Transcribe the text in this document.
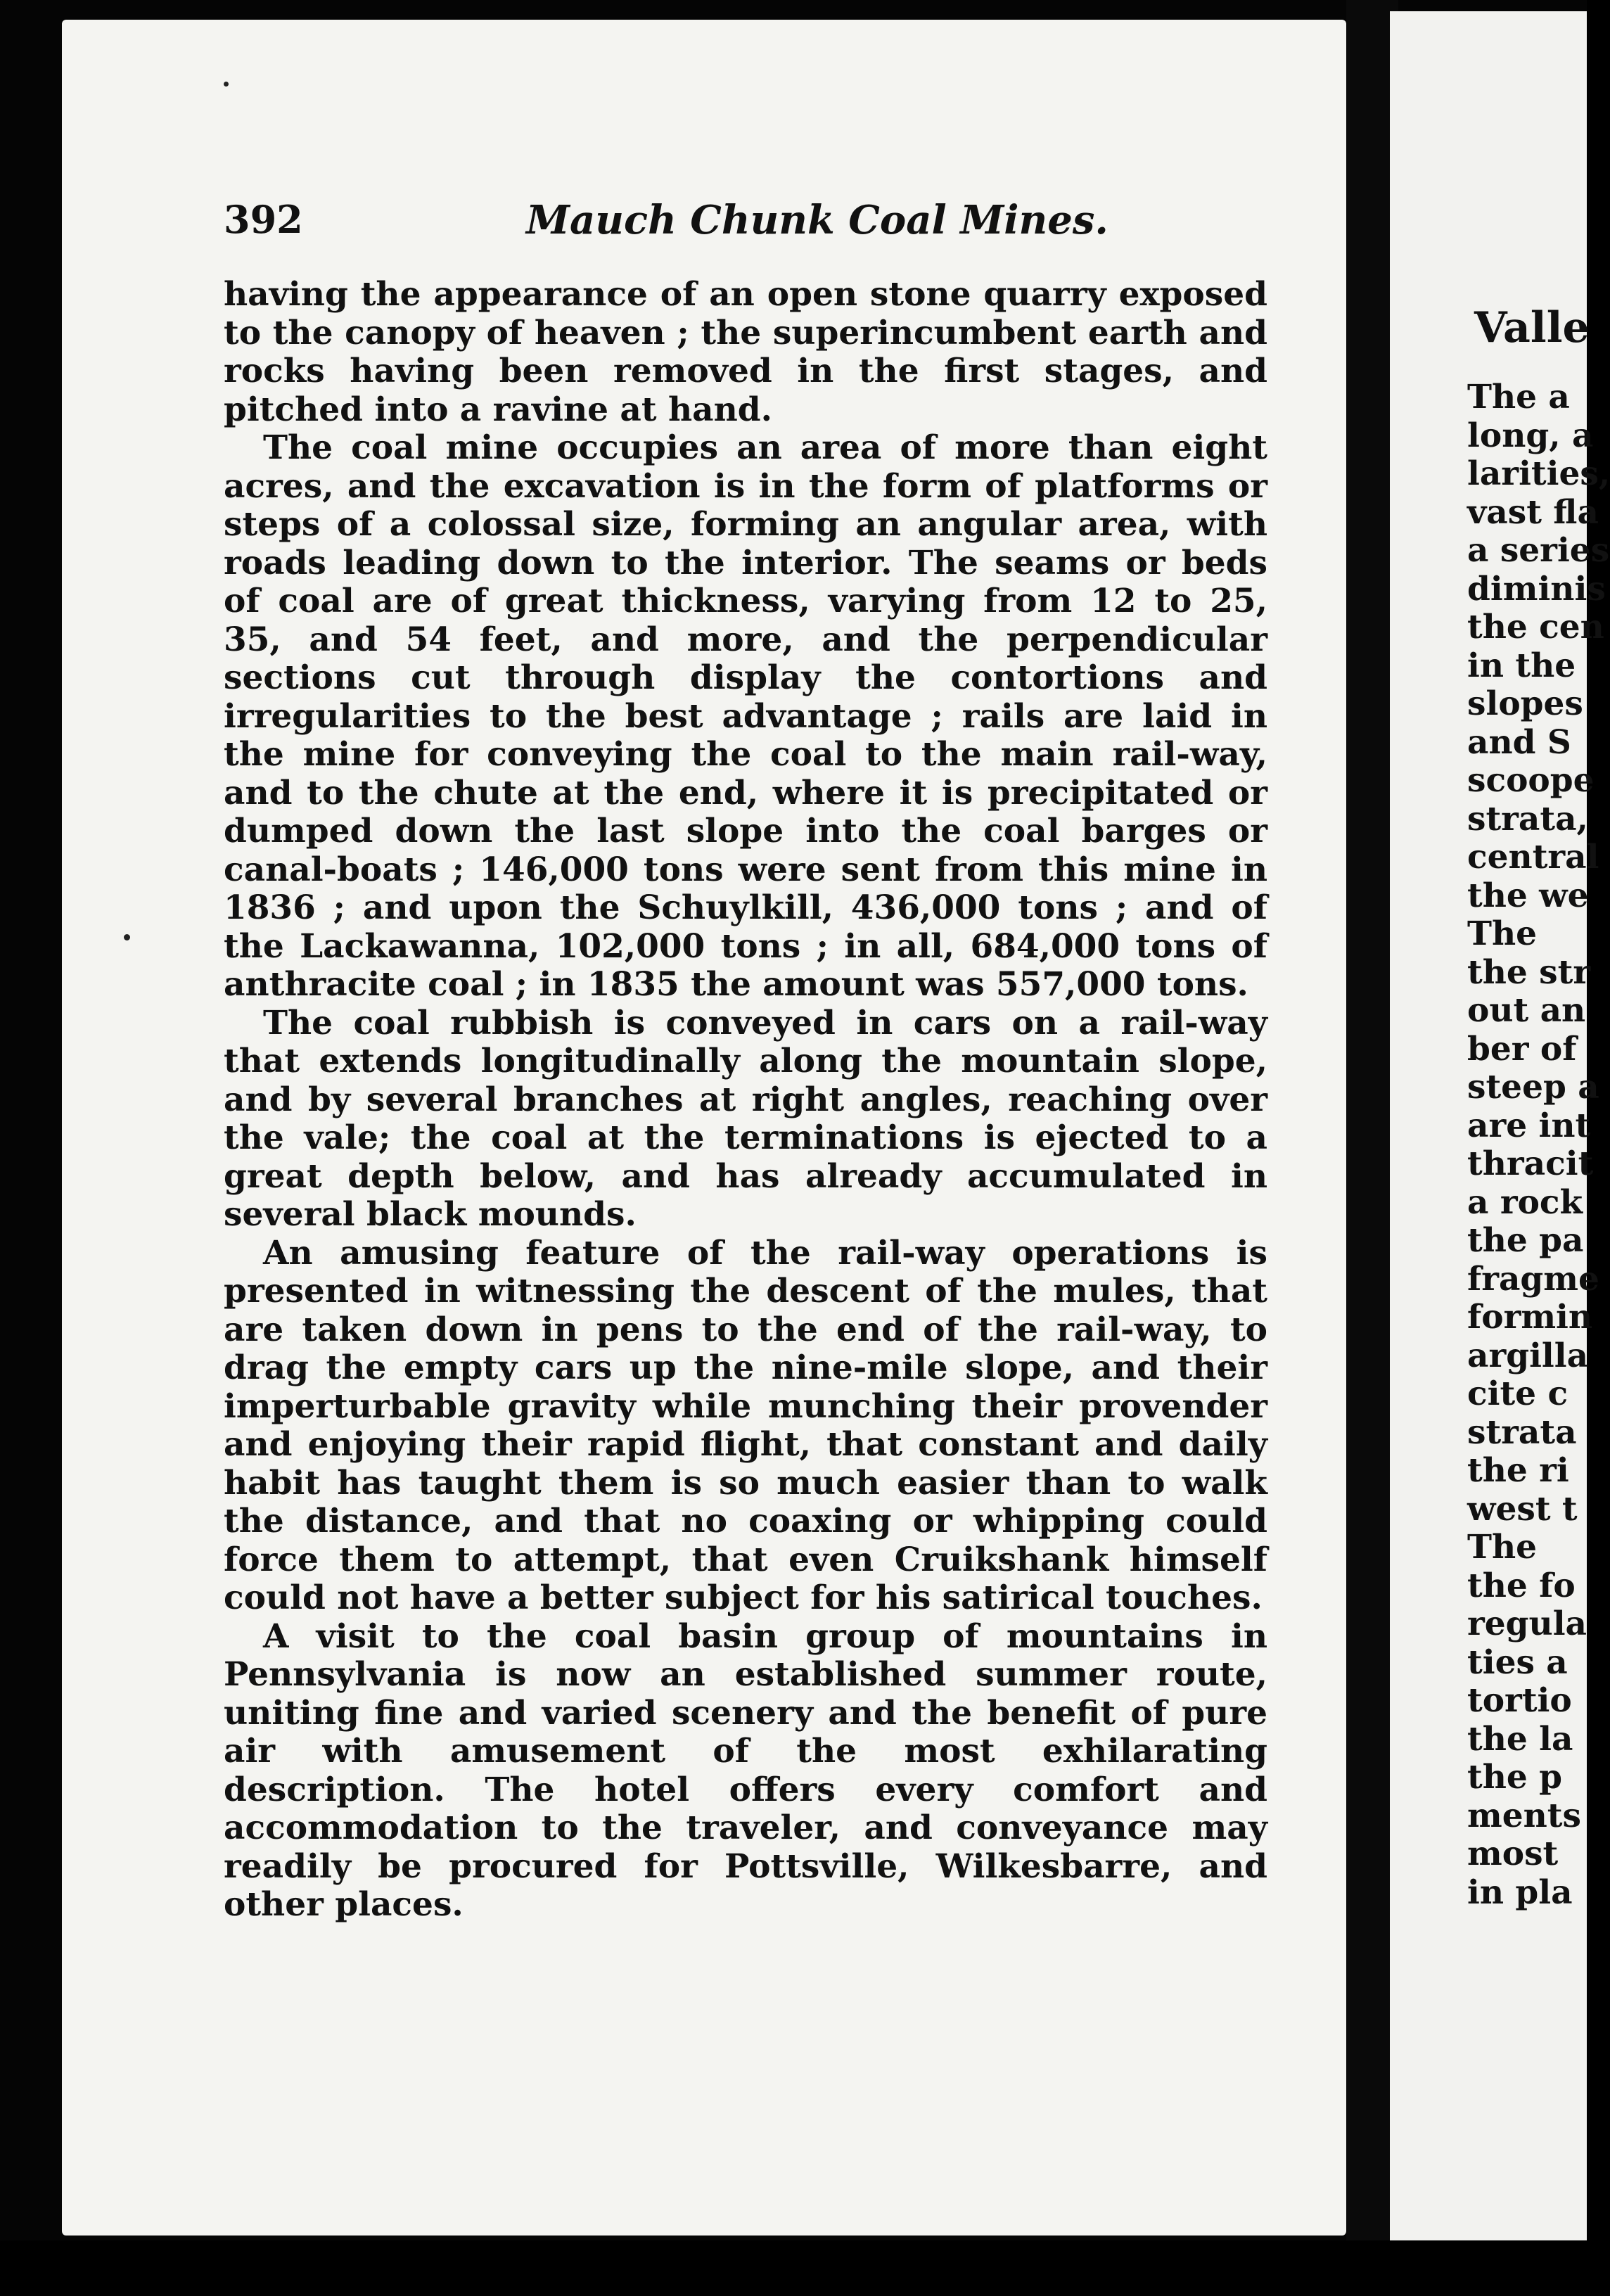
Valle
The a
long, a
larities,
vast fla
a series
diminis
the cen
in the
slopes
and S
scoope
strata,
central
the we
The
the str
out an
ber of
steep a
are int
thracit
a rock
the pa
fragme
formin
argilla
cite c
strata
the ri
west t
The
the fo
regula
ties a
tortio
the la
the p
ments
most
in pla
392	Mauch Chunk Coal Mines.

having the appearance of an open stone quarry exposed to the canopy of heaven ; the superincumbent earth and rocks having been removed in the first stages, and pitched into a ravine at hand.

The coal mine occupies an area of more than eight acres, and the excavation is in the form of platforms or steps of a colossal size, forming an angular area, with roads leading down to the interior. The seams or beds of coal are of great thickness, varying from 12 to 25, 35, and 54 feet, and more, and the perpendicular sections cut through display the contortions and irregularities to the best advantage ; rails are laid in the mine for conveying the coal to the main rail-way, and to the chute at the end, where it is precipitated or dumped down the last slope into the coal barges or canal-boats ; 146,000 tons were sent from this mine in 1836 ; and upon the Schuylkill, 436,000 tons ; and of the Lackawanna, 102,000 tons ; in all, 684,000 tons of anthracite coal ; in 1835 the amount was 557,000 tons.

The coal rubbish is conveyed in cars on a rail-way that extends longitudinally along the mountain slope, and by several branches at right angles, reaching over the vale; the coal at the terminations is ejected to a great depth below, and has already accumulated in several black mounds.

An amusing feature of the rail-way operations is presented in witnessing the descent of the mules, that are taken down in pens to the end of the rail-way, to drag the empty cars up the nine-mile slope, and their imperturbable gravity while munching their provender and enjoying their rapid flight, that constant and daily habit has taught them is so much easier than to walk the distance, and that no coaxing or whipping could force them to attempt, that even Cruikshank himself could not have a better subject for his satirical touches.

A visit to the coal basin group of mountains in Pennsylvania is now an established summer route, uniting fine and varied scenery and the benefit of pure air with amusement of the most exhilarating description. The hotel offers every comfort and accommodation to the traveler, and conveyance may readily be procured for Pottsville, Wilkesbarre, and other places.
